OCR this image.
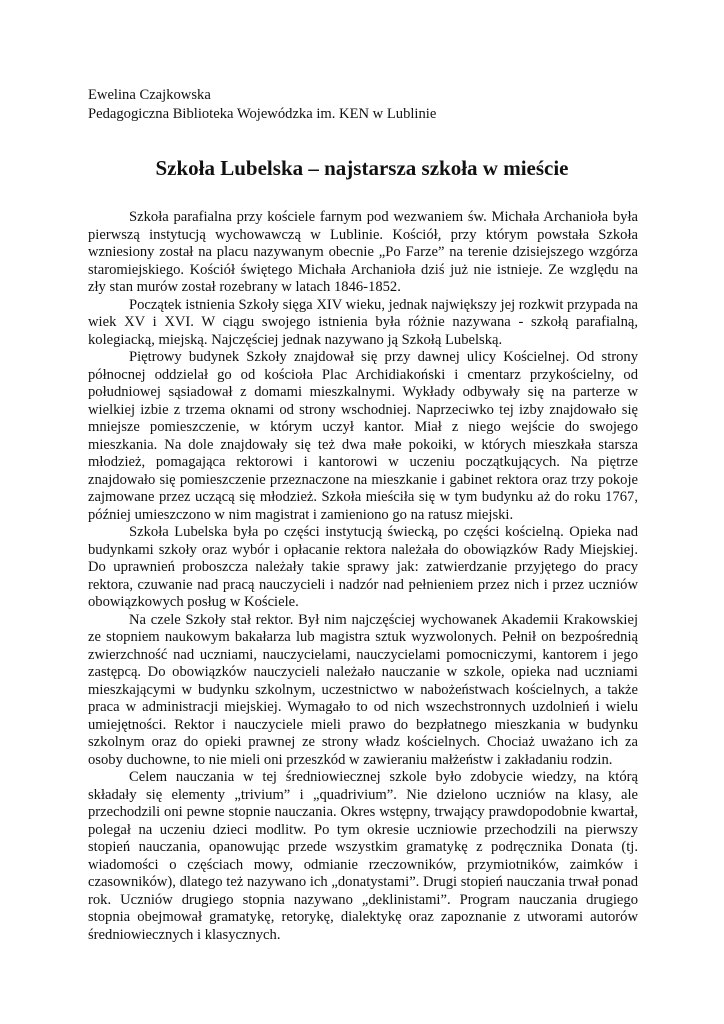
Ewelina Czajkowska
Pedagogiczna Biblioteka Wojewódzka im. KEN w Lublinie
Szkoła Lubelska – najstarsza szkoła w mieście

Szkoła parafialna przy kościele farnym pod wezwaniem św. Michała Archanioła była pierwszą instytucją wychowawczą w Lublinie. Kościół, przy którym powstała Szkoła wzniesiony został na placu nazywanym obecnie „Po Farze” na terenie dzisiejszego wzgórza staromiejskiego. Kościół świętego Michała Archanioła dziś już nie istnieje. Ze względu na zły stan murów został rozebrany w latach 1846-1852.

Początek istnienia Szkoły sięga XIV wieku, jednak największy jej rozkwit przypada na wiek XV i XVI. W ciągu swojego istnienia była różnie nazywana - szkołą parafialną, kolegiacką, miejską. Najczęściej jednak nazywano ją Szkołą Lubelską.

Piętrowy budynek Szkoły znajdował się przy dawnej ulicy Kościelnej. Od strony północnej oddzielał go od kościoła Plac Archidiakoński i cmentarz przykościelny, od południowej sąsiadował z domami mieszkalnymi. Wykłady odbywały się na parterze w wielkiej izbie z trzema oknami od strony wschodniej. Naprzeciwko tej izby znajdowało się mniejsze pomieszczenie, w którym uczył kantor. Miał z niego wejście do swojego mieszkania. Na dole znajdowały się też dwa małe pokoiki, w których mieszkała starsza młodzież, pomagająca rektorowi i kantorowi w uczeniu początkujących. Na piętrze znajdowało się pomieszczenie przeznaczone na mieszkanie i gabinet rektora oraz trzy pokoje zajmowane przez uczącą się młodzież. Szkoła mieściła się w tym budynku aż do roku 1767, później umieszczono w nim magistrat i zamieniono go na ratusz miejski.

Szkoła Lubelska była po części instytucją świecką, po części kościelną. Opieka nad budynkami szkoły oraz wybór i opłacanie rektora należała do obowiązków Rady Miejskiej. Do uprawnień proboszcza należały takie sprawy jak: zatwierdzanie przyjętego do pracy rektora, czuwanie nad pracą nauczycieli i nadzór nad pełnieniem przez nich i przez uczniów obowiązkowych posług w Kościele.

Na czele Szkoły stał rektor. Był nim najczęściej wychowanek Akademii Krakowskiej ze stopniem naukowym bakałarza lub magistra sztuk wyzwolonych. Pełnił on bezpośrednią zwierzchność nad uczniami, nauczycielami, nauczycielami pomocniczymi, kantorem i jego zastępcą. Do obowiązków nauczycieli należało nauczanie w szkole, opieka nad uczniami mieszkającymi w budynku szkolnym, uczestnictwo w nabożeństwach kościelnych, a także praca w administracji miejskiej. Wymagało to od nich wszechstronnych uzdolnień i wielu umiejętności. Rektor i nauczyciele mieli prawo do bezpłatnego mieszkania w budynku szkolnym oraz do opieki prawnej ze strony władz kościelnych. Chociaż uważano ich za osoby duchowne, to nie mieli oni przeszkód w zawieraniu małżeństw i zakładaniu rodzin.

Celem nauczania w tej średniowiecznej szkole było zdobycie wiedzy, na którą składały się elementy „trivium” i „quadrivium”. Nie dzielono uczniów na klasy, ale przechodzili oni pewne stopnie nauczania. Okres wstępny, trwający prawdopodobnie kwartał, polegał na uczeniu dzieci modlitw. Po tym okresie uczniowie przechodzili na pierwszy stopień nauczania, opanowując przede wszystkim gramatykę z podręcznika Donata (tj. wiadomości o częściach mowy, odmianie rzeczowników, przymiotników, zaimków i czasowników), dlatego też nazywano ich „donatystami”. Drugi stopień nauczania trwał ponad rok. Uczniów drugiego stopnia nazywano „deklinistami”. Program nauczania drugiego stopnia obejmował gramatykę, retorykę, dialektykę oraz zapoznanie z utworami autorów średniowiecznych i klasycznych.
